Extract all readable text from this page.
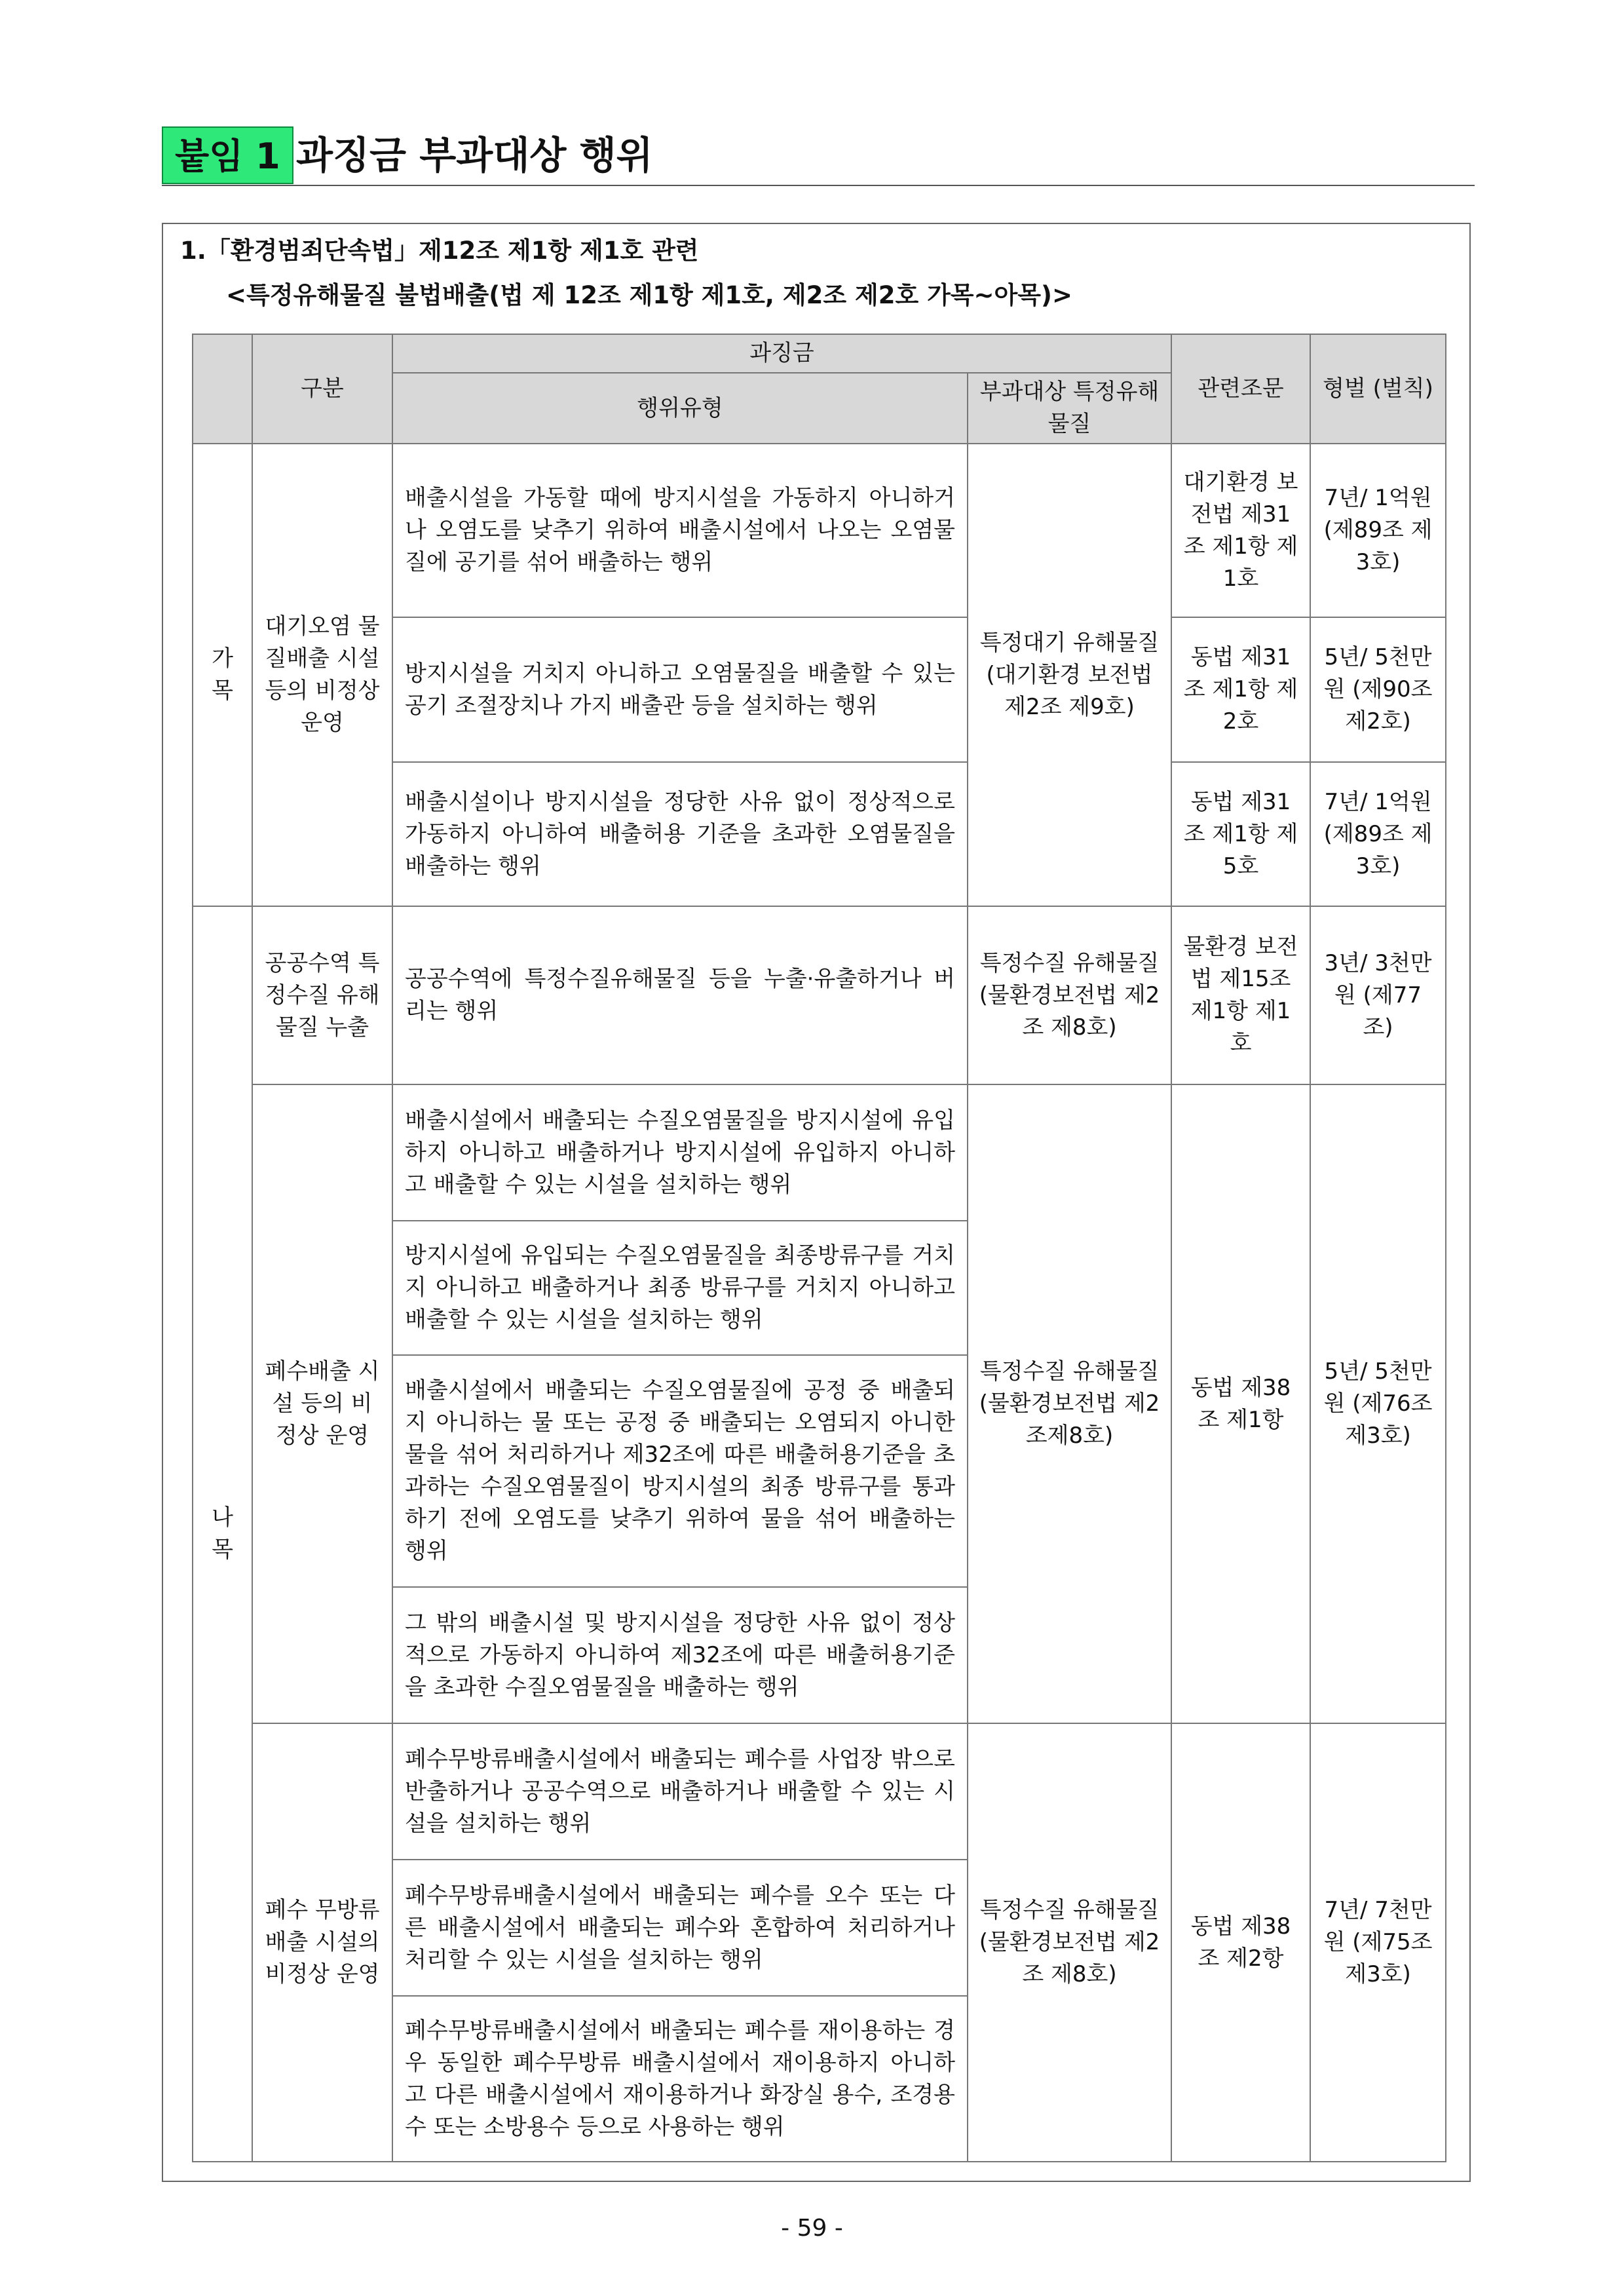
붙임 1 과징금 부과대상 행위
1.「환경범죄단속법」제12조 제1항 제1호 관련
<특정유해물질 불법배출(법 제 12조 제1항 제1호, 제2조 제2호 가목~아목)>
	구분	과징금		관련조문	형벌 (벌칙)
		행위유형	부과대상 특정유해물질		
가목	대기오염 물질배출 시설등의 비정상 운영	배출시설을 가동할 때에 방지시설을 가동하지 아니하거나 오염도를 낮추기 위하여 배출시설에서 나오는 오염물질에 공기를 섞어 배출하는 행위	특정대기 유해물질 (대기환경 보전법 제2조 제9호)	대기환경 보전법 제31조 제1항 제1호	7년/ 1억원 (제89조 제3호)
		방지시설을 거치지 아니하고 오염물질을 배출할 수 있는 공기 조절장치나 가지 배출관 등을 설치하는 행위		동법 제31조 제1항 제2호	5년/ 5천만원 (제90조 제2호)
		배출시설이나 방지시설을 정당한 사유 없이 정상적으로 가동하지 아니하여 배출허용 기준을 초과한 오염물질을 배출하는 행위		동법 제31조 제1항 제5호	7년/ 1억원 (제89조 제3호)
나목	공공수역 특정수질 유해물질 누출	공공수역에 특정수질유해물질 등을 누출·유출하거나 버리는 행위	특정수질 유해물질 (물환경보전법 제2조 제8호)	물환경 보전법 제15조 제1항 제1호	3년/ 3천만원 (제77조)
	폐수배출 시설 등의 비정상 운영	배출시설에서 배출되는 수질오염물질을 방지시설에 유입하지 아니하고 배출하거나 방지시설에 유입하지 아니하고 배출할 수 있는 시설을 설치하는 행위	특정수질 유해물질 (물환경보전법 제2조제8호)	동법 제38조 제1항	5년/ 5천만원 (제76조 제3호)
		방지시설에 유입되는 수질오염물질을 최종방류구를 거치지 아니하고 배출하거나 최종 방류구를 거치지 아니하고 배출할 수 있는 시설을 설치하는 행위			
		배출시설에서 배출되는 수질오염물질에 공정 중 배출되지 아니하는 물 또는 공정 중 배출되는 오염되지 아니한 물을 섞어 처리하거나 제32조에 따른 배출허용기준을 초과하는 수질오염물질이 방지시설의 최종 방류구를 통과하기 전에 오염도를 낮추기 위하여 물을 섞어 배출하는 행위			
		그 밖의 배출시설 및 방지시설을 정당한 사유 없이 정상적으로 가동하지 아니하여 제32조에 따른 배출허용기준을 초과한 수질오염물질을 배출하는 행위			
	폐수 무방류 배출 시설의 비정상 운영	폐수무방류배출시설에서 배출되는 폐수를 사업장 밖으로 반출하거나 공공수역으로 배출하거나 배출할 수 있는 시설을 설치하는 행위	특정수질 유해물질 (물환경보전법 제2조 제8호)	동법 제38조 제2항	7년/ 7천만원 (제75조 제3호)
		폐수무방류배출시설에서 배출되는 폐수를 오수 또는 다른 배출시설에서 배출되는 폐수와 혼합하여 처리하거나 처리할 수 있는 시설을 설치하는 행위			
		폐수무방류배출시설에서 배출되는 폐수를 재이용하는 경우 동일한 폐수무방류 배출시설에서 재이용하지 아니하고 다른 배출시설에서 재이용하거나 화장실 용수, 조경용수 또는 소방용수 등으로 사용하는 행위			
- 59 -
